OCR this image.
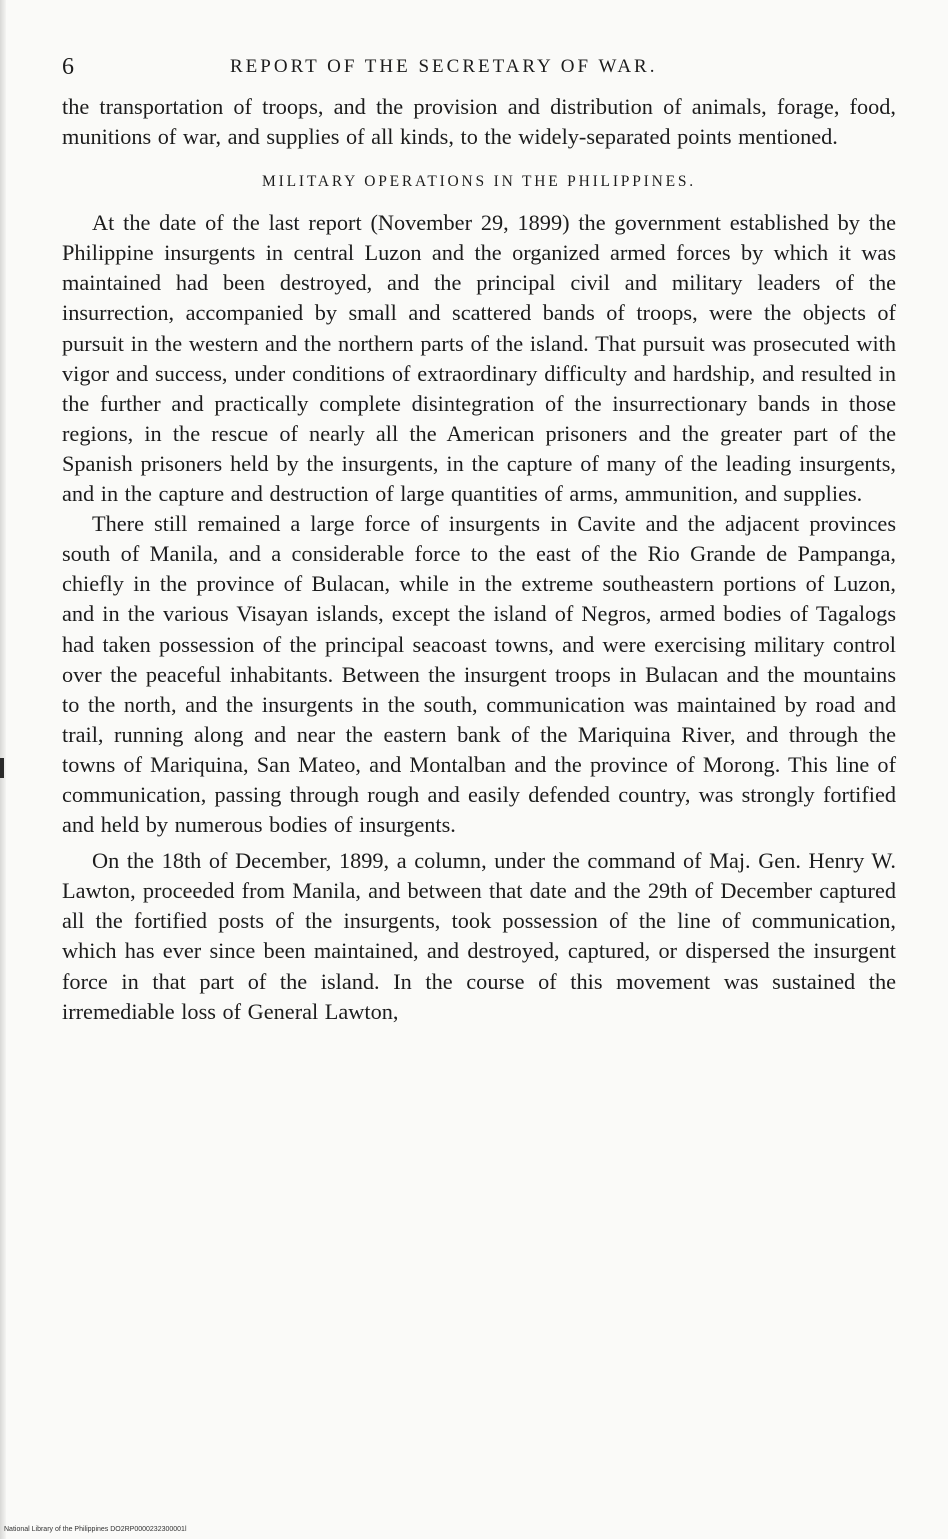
6	REPORT OF THE SECRETARY OF WAR.

the transportation of troops, and the provision and distribution of animals, forage, food, munitions of war, and supplies of all kinds, to the widely-separated points mentioned.

MILITARY OPERATIONS IN THE PHILIPPINES.

At the date of the last report (November 29, 1899) the government established by the Philippine insurgents in central Luzon and the organized armed forces by which it was maintained had been destroyed, and the principal civil and military leaders of the insurrection, accompanied by small and scattered bands of troops, were the objects of pursuit in the western and the northern parts of the island. That pursuit was prosecuted with vigor and success, under conditions of extraordinary difficulty and hardship, and resulted in the further and practically complete disintegration of the insurrectionary bands in those regions, in the rescue of nearly all the American prisoners and the greater part of the Spanish prisoners held by the insurgents, in the capture of many of the leading insurgents, and in the capture and destruction of large quantities of arms, ammunition, and supplies.

There still remained a large force of insurgents in Cavite and the adjacent provinces south of Manila, and a considerable force to the east of the Rio Grande de Pampanga, chiefly in the province of Bulacan, while in the extreme southeastern portions of Luzon, and in the various Visayan islands, except the island of Negros, armed bodies of Tagalogs had taken possession of the principal seacoast towns, and were exercising military control over the peaceful inhabitants. Between the insurgent troops in Bulacan and the mountains to the north, and the insurgents in the south, communication was maintained by road and trail, running along and near the eastern bank of the Mariquina River, and through the towns of Mariquina, San Mateo, and Montalban and the province of Morong. This line of communication, passing through rough and easily defended country, was strongly fortified and held by numerous bodies of insurgents.

On the 18th of December, 1899, a column, under the command of Maj. Gen. Henry W. Lawton, proceeded from Manila, and between that date and the 29th of December captured all the fortified posts of the insurgents, took possession of the line of communication, which has ever since been maintained, and destroyed, captured, or dispersed the insurgent force in that part of the island. In the course of this movement was sustained the irremediable loss of General Lawton,

National Library of the Philippines DO2RP0000232300001l
